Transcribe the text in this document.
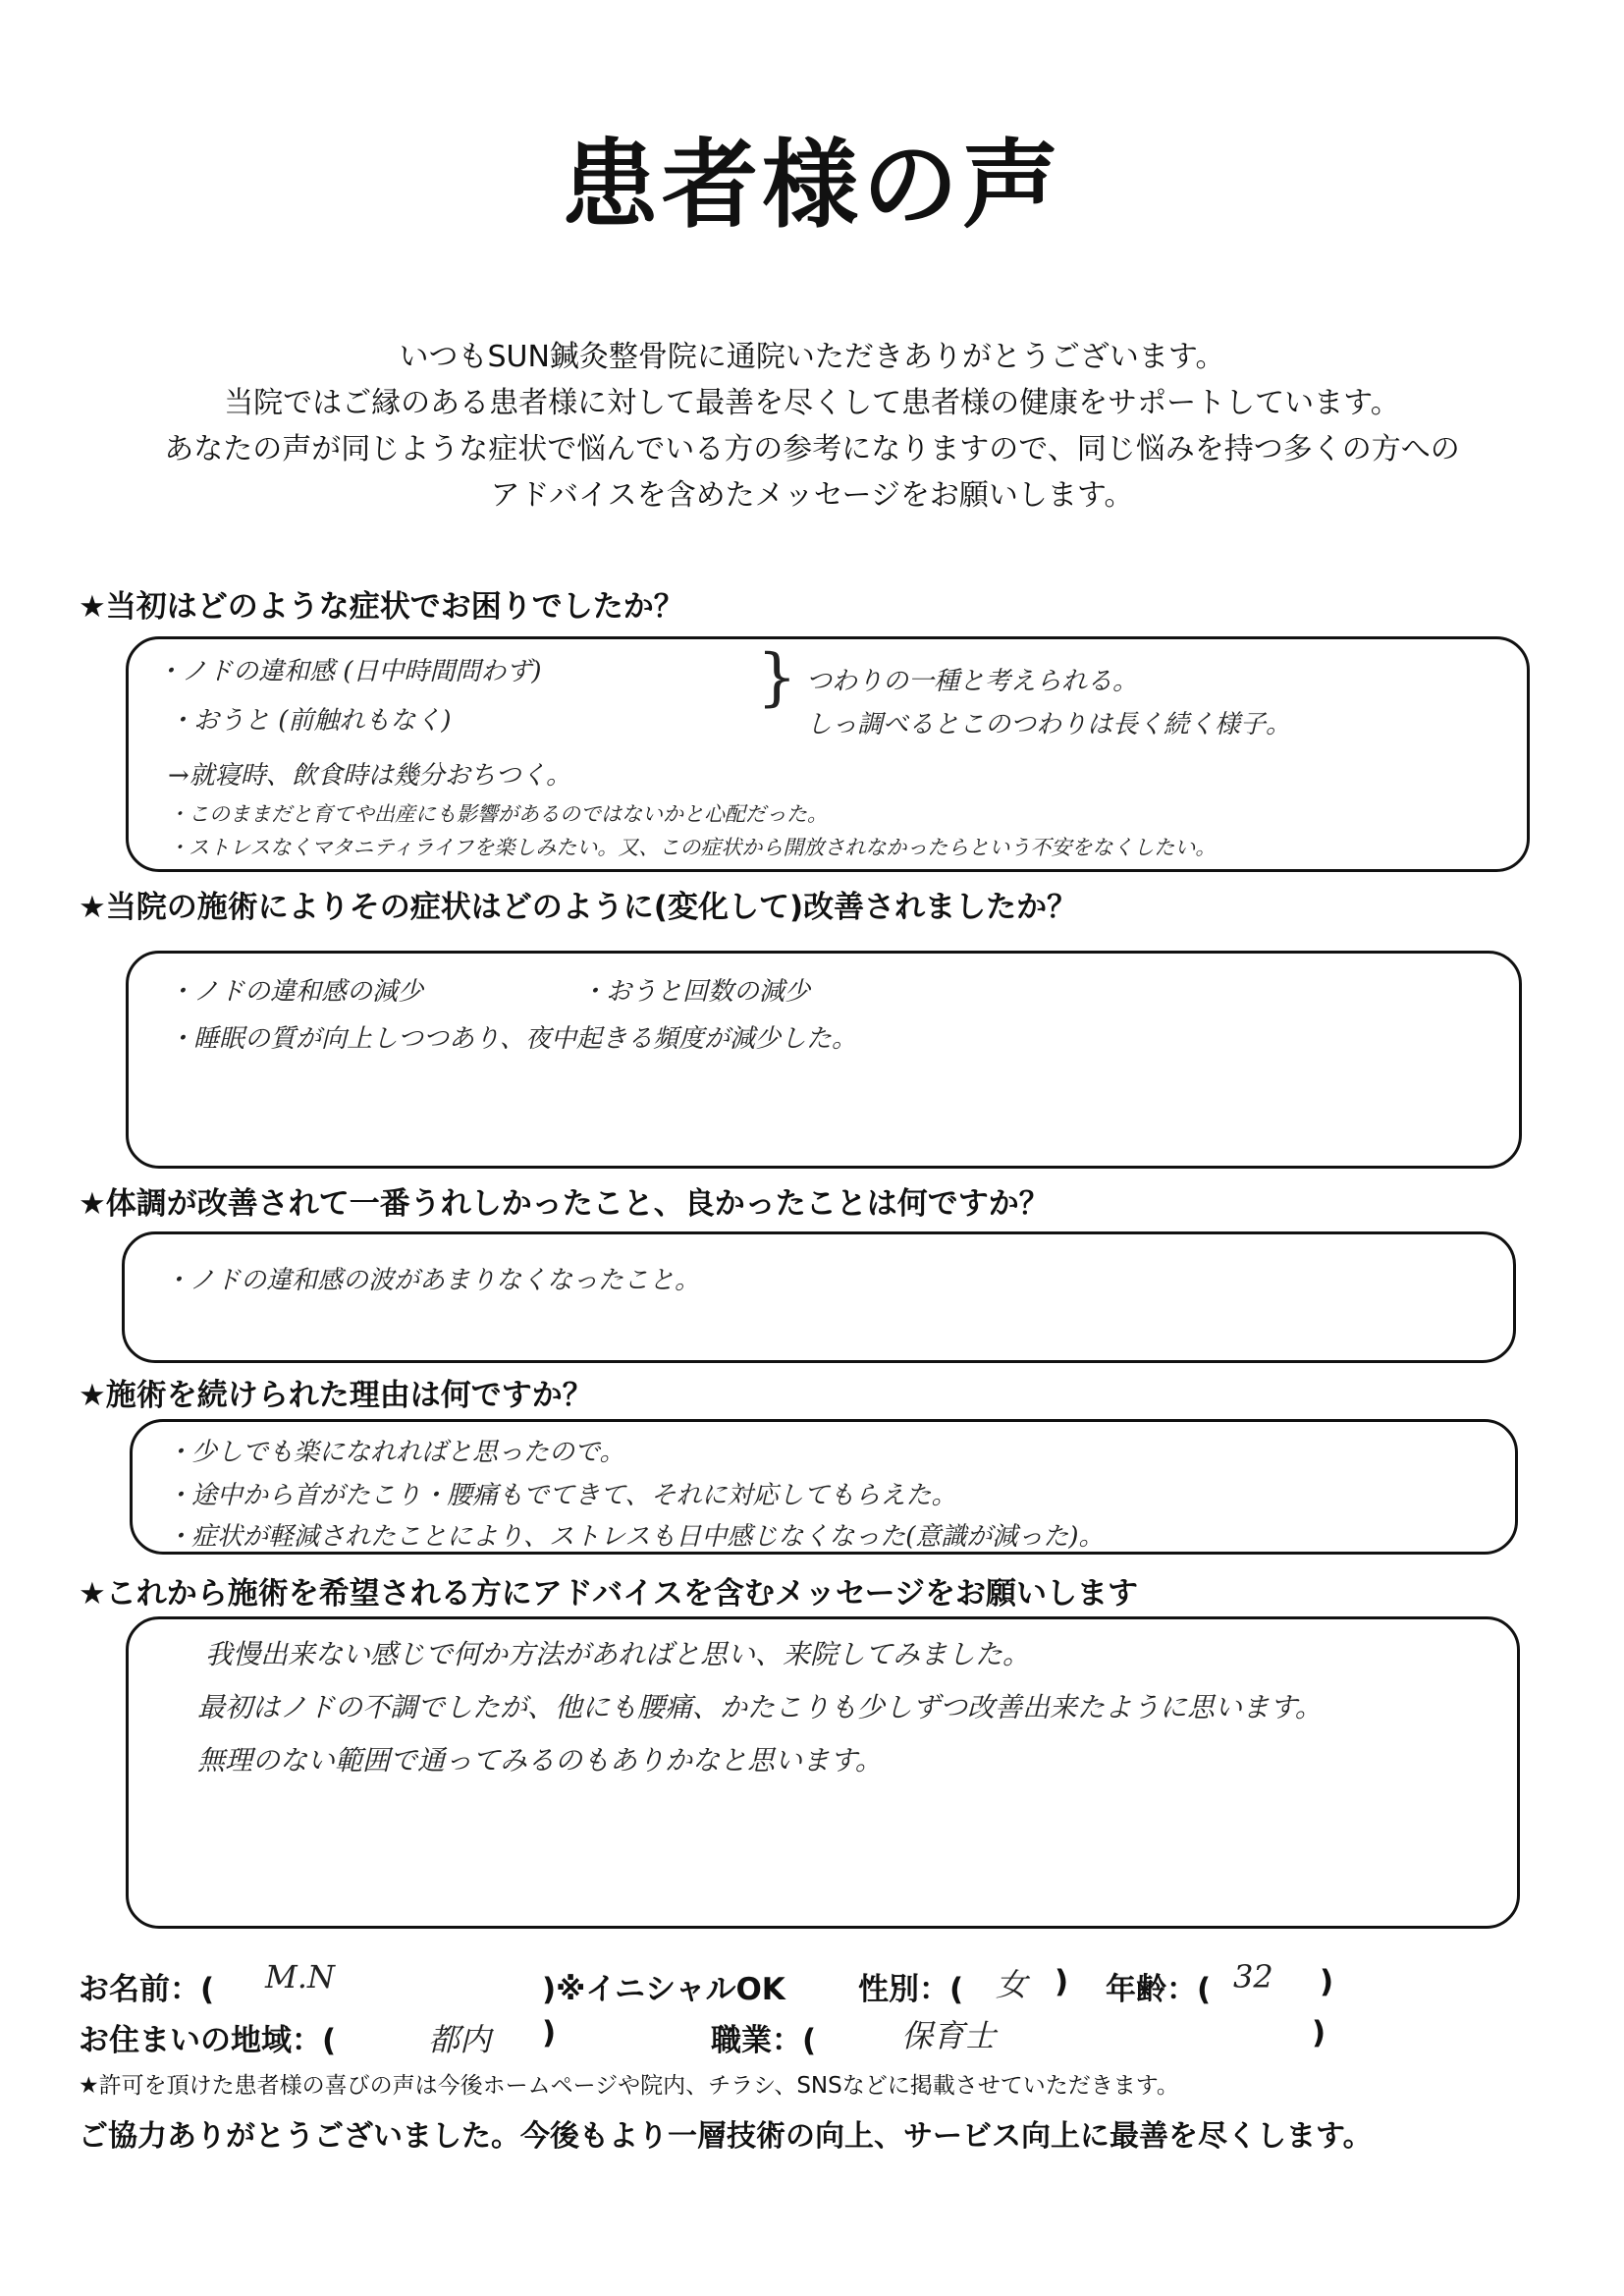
患者様の声
いつもSUN鍼灸整骨院に通院いただきありがとうございます。
当院ではご縁のある患者様に対して最善を尽くして患者様の健康をサポートしています。
あなたの声が同じような症状で悩んでいる方の参考になりますので、同じ悩みを持つ多くの方への
アドバイスを含めたメッセージをお願いします。
★当初はどのような症状でお困りでしたか？
・ノドの違和感 (日中時間問わず)
・おうと (前触れもなく)
} つわりの一種と考えられる。
しっ調べるとこのつわりは長く続く様子。
→就寝時、飲食時は幾分おちつく。
・このままだと育てや出産にも影響があるのではないかと心配だった。
・ストレスなくマタニティライフを楽しみたい。又、この症状から開放されなかったらという不安をなくしたい。
★当院の施術によりその症状はどのように(変化して)改善されましたか？
・ノドの違和感の減少	・おうと回数の減少
・睡眠の質が向上しつつあり、夜中起きる頻度が減少した。
★体調が改善されて一番うれしかったこと、良かったことは何ですか？
・ノドの違和感の波があまりなくなったこと。
★施術を続けられた理由は何ですか？
・少しでも楽になれればと思ったので。
・途中から首がたこり・腰痛もでてきて、それに対応してもらえた。
・症状が軽減されたことにより、ストレスも日中感じなくなった(意識が減った)。
★これから施術を希望される方にアドバイスを含むメッセージをお願いします
我慢出来ない感じで何か方法があればと思い、来院してみました。
最初はノドの不調でしたが、他にも腰痛、かたこりも少しずつ改善出来たように思います。
無理のない範囲で通ってみるのもありかなと思います。
お名前：( M.N	)※イニシャルOK 性別：( 女 ) 年齢：( 32 )
お住まいの地域：(	都内 )	職業：(	保育士	)
★許可を頂けた患者様の喜びの声は今後ホームページや院内、チラシ、SNSなどに掲載させていただきます。
ご協力ありがとうございました。今後もより一層技術の向上、サービス向上に最善を尽くします。
